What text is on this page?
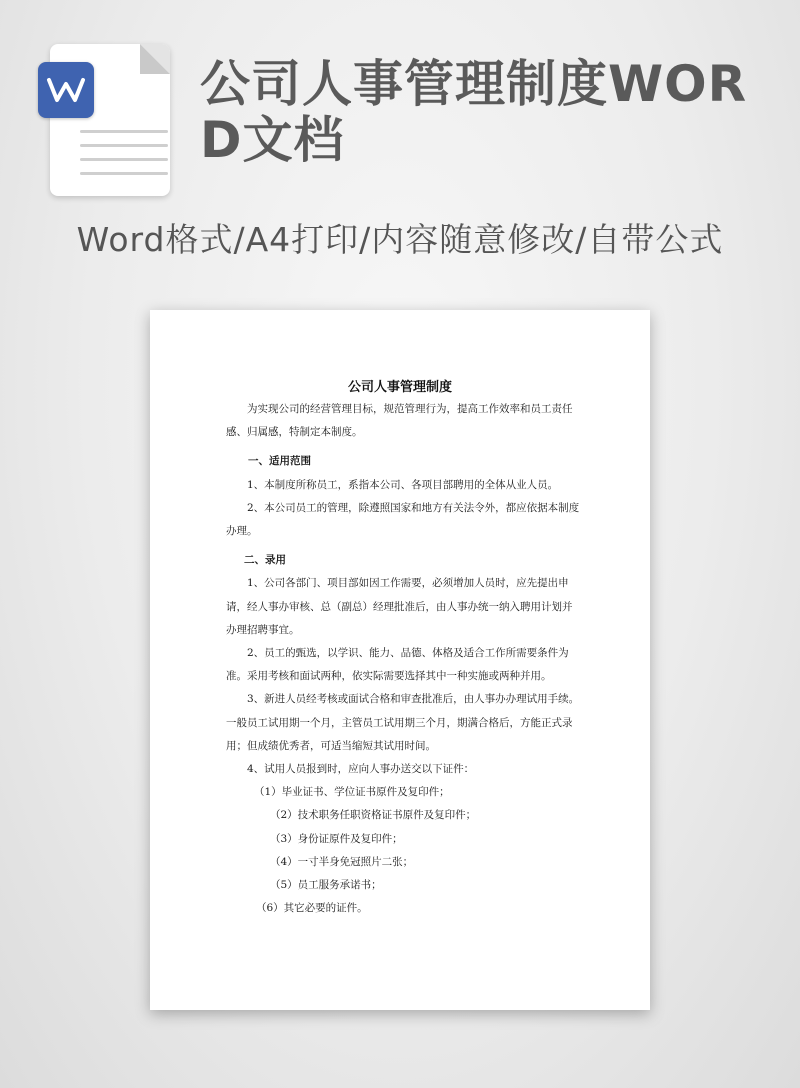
公司人事管理制度WORD文档
Word格式/A4打印/内容随意修改/自带公式
公司人事管理制度

为实现公司的经营管理目标，规范管理行为，提高工作效率和员工责任感、归属感，特制定本制度。

一、适用范围

1、本制度所称员工，系指本公司、各项目部聘用的全体从业人员。

2、本公司员工的管理，除遵照国家和地方有关法令外，都应依据本制度办理。

二、录用

1、公司各部门、项目部如因工作需要，必须增加人员时，应先提出申请，经人事办审核、总（副总）经理批准后，由人事办统一纳入聘用计划并办理招聘事宜。

2、员工的甄选，以学识、能力、品德、体格及适合工作所需要条件为准。采用考核和面试两种，依实际需要选择其中一种实施或两种并用。

3、新进人员经考核或面试合格和审查批准后，由人事办办理试用手续。一般员工试用期一个月，主管员工试用期三个月，期满合格后，方能正式录用；但成绩优秀者，可适当缩短其试用时间。

4、试用人员报到时，应向人事办送交以下证件：

（1）毕业证书、学位证书原件及复印件；

（2）技术职务任职资格证书原件及复印件；

（3）身份证原件及复印件；

（4）一寸半身免冠照片二张；

（5）员工服务承诺书；

（6）其它必要的证件。
